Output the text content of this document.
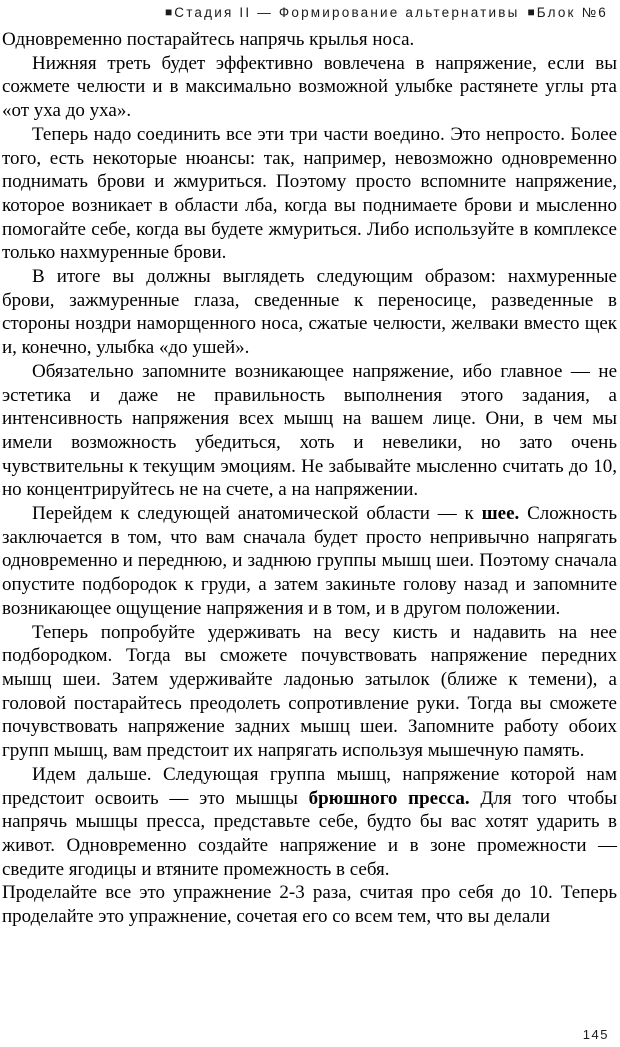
■ Стадия II — Формирование альтернативы ■ Блок №6

Одновременно постарайтесь напрячь крылья носа.

Нижняя треть будет эффективно вовлечена в напряжение, если вы сожмете челюсти и в максимально возможной улыбке растянете углы рта «от уха до уха».

Теперь надо соединить все эти три части воедино. Это непросто. Более того, есть некоторые нюансы: так, например, невозможно одновременно поднимать брови и жмуриться. Поэтому просто вспомните напряжение, которое возникает в области лба, когда вы поднимаете брови и мысленно помогайте себе, когда вы будете жмуриться. Либо используйте в комплексе только нахмуренные брови.

В итоге вы должны выглядеть следующим образом: нахмуренные брови, зажмуренные глаза, сведенные к переносице, разведенные в стороны ноздри наморщенного носа, сжатые челюсти, желваки вместо щек и, конечно, улыбка «до ушей».

Обязательно запомните возникающее напряжение, ибо главное — не эстетика и даже не правильность выполнения этого задания, а интенсивность напряжения всех мышц на вашем лице. Они, в чем мы имели возможность убедиться, хоть и невелики, но зато очень чувствительны к текущим эмоциям. Не забывайте мысленно считать до 10, но концентрируйтесь не на счете, а на напряжении.

Перейдем к следующей анатомической области — к шее. Сложность заключается в том, что вам сначала будет просто непривычно напрягать одновременно и переднюю, и заднюю группы мышц шеи. Поэтому сначала опустите подбородок к груди, а затем закиньте голову назад и запомните возникающее ощущение напряжения и в том, и в другом положении.

Теперь попробуйте удерживать на весу кисть и надавить на нее подбородком. Тогда вы сможете почувствовать напряжение передних мышц шеи. Затем удерживайте ладонью затылок (ближе к темени), а головой постарайтесь преодолеть сопротивление руки. Тогда вы сможете почувствовать напряжение задних мышц шеи. Запомните работу обоих групп мышц, вам предстоит их напрягать используя мышечную память.

Идем дальше. Следующая группа мышц, напряжение которой нам предстоит освоить — это мышцы брюшного пресса. Для того чтобы напрячь мышцы пресса, представьте себе, будто бы вас хотят ударить в живот. Одновременно создайте напряжение и в зоне промежности — сведите ягодицы и втяните промежность в себя.

Проделайте все это упражнение 2-3 раза, считая про себя до 10. Теперь проделайте это упражнение, сочетая его со всем тем, что вы делали

145
